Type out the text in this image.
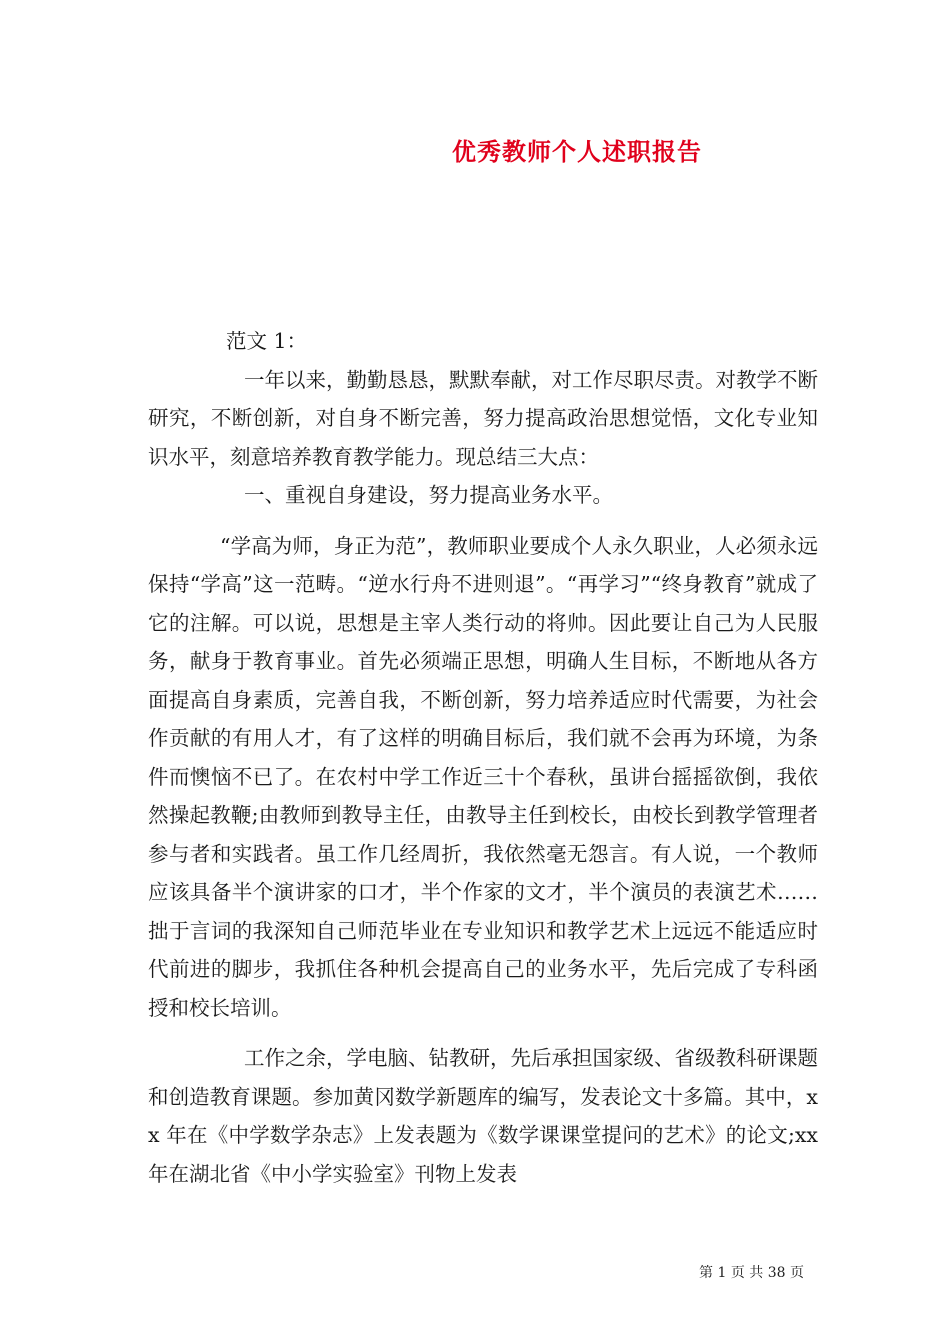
优秀教师个人述职报告

范文 1：

一年以来，勤勤恳恳，默默奉献，对工作尽职尽责。对教学不断研究，不断创新，对自身不断完善，努力提高政治思想觉悟，文化专业知识水平，刻意培养教育教学能力。现总结三大点：

一、重视自身建设，努力提高业务水平。

“学高为师，身正为范”，教师职业要成个人永久职业，人必须永远保持“学高”这一范畴。“逆水行舟不进则退”。“再学习”“终身教育”就成了它的注解。可以说，思想是主宰人类行动的将帅。因此要让自己为人民服务，献身于教育事业。首先必须端正思想，明确人生目标，不断地从各方面提高自身素质，完善自我，不断创新，努力培养适应时代需要，为社会作贡献的有用人才，有了这样的明确目标后，我们就不会再为环境，为条件而懊恼不已了。在农村中学工作近三十个春秋，虽讲台摇摇欲倒，我依然操起教鞭;由教师到教导主任，由教导主任到校长，由校长到教学管理者参与者和实践者。虽工作几经周折，我依然毫无怨言。有人说，一个教师应该具备半个演讲家的口才，半个作家的文才，半个演员的表演艺术……拙于言词的我深知自己师范毕业在专业知识和教学艺术上远远不能适应时代前进的脚步，我抓住各种机会提高自己的业务水平，先后完成了专科函授和校长培训。

工作之余，学电脑、钻教研，先后承担国家级、省级教科研课题和创造教育课题。参加黄冈数学新题库的编写，发表论文十多篇。其中，xx 年在《中学数学杂志》上发表题为《数学课课堂提问的艺术》的论文;xx 年在湖北省《中小学实验室》刊物上发表

第 1 页 共 38 页
